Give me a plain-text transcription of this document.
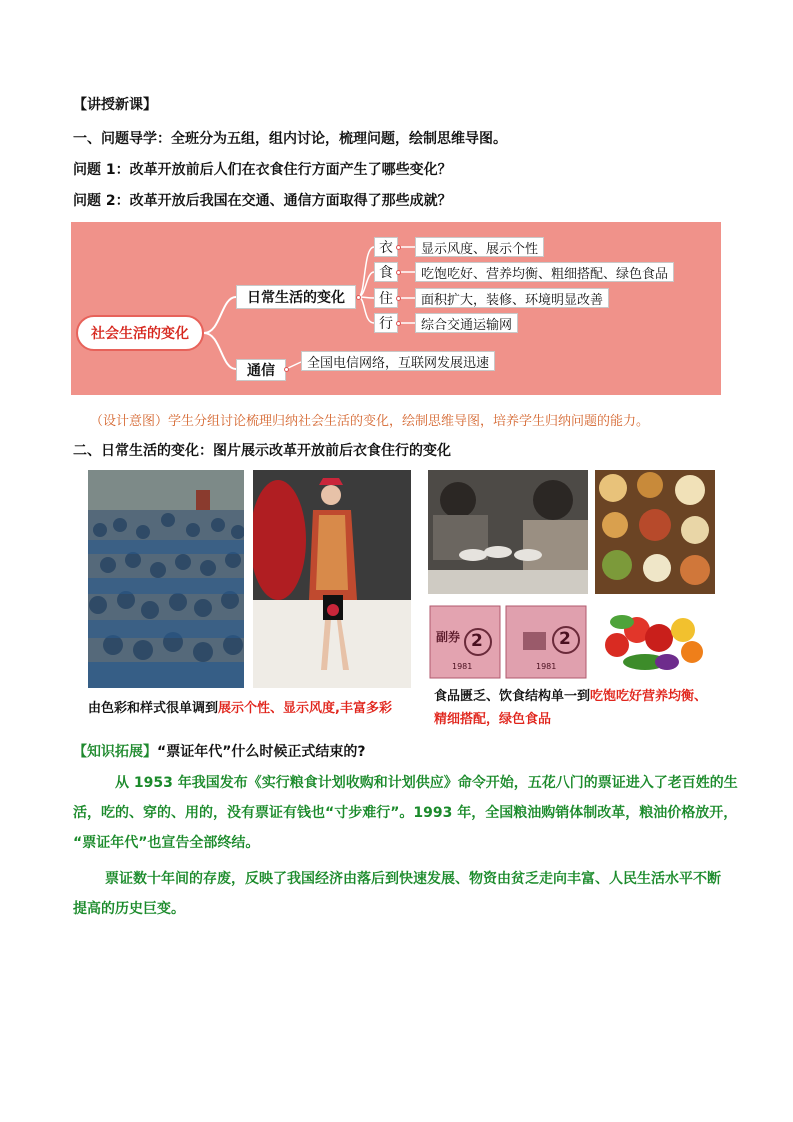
【讲授新课】
一、问题导学：全班分为五组，组内讨论，梳理问题，绘制思维导图。
问题 1：改革开放前后人们在衣食住行方面产生了哪些变化？
问题 2：改革开放后我国在交通、通信方面取得了那些成就？
社会生活的变化
日常生活的变化
通信
衣
食
住
行
显示风度、展示个性
吃饱吃好、营养均衡、粗细搭配、绿色食品
面积扩大，装修、环境明显改善
综合交通运输网
全国电信网络，互联网发展迅速
（设计意图）学生分组讨论梳理归纳社会生活的变化，绘制思维导图，培养学生归纳问题的能力。
二、日常生活的变化：图片展示改革开放前后衣食住行的变化
副券 2	2
1981	1981
由色彩和样式很单调到展示个性、显示风度,丰富多彩
食品匮乏、饮食结构单一到吃饱吃好营养均衡、
精细搭配，绿色食品
【知识拓展】“票证年代”什么时候正式结束的?
从 1953 年我国发布《实行粮食计划收购和计划供应》命令开始，五花八门的票证进入了老百姓的生
活，吃的、穿的、用的，没有票证有钱也“寸步难行”。1993 年，全国粮油购销体制改革，粮油价格放开，
“票证年代”也宣告全部终结。
票证数十年间的存废，反映了我国经济由落后到快速发展、物资由贫乏走向丰富、人民生活水平不断
提高的历史巨变。
